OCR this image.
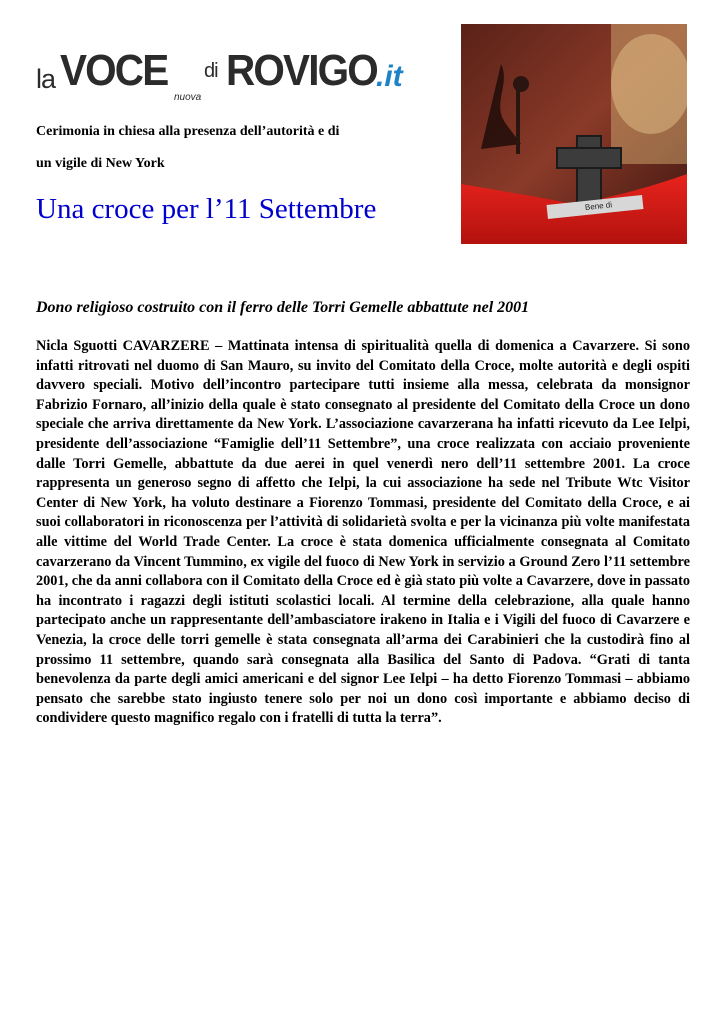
la VOCE di
nuova
ROVIGO .it
Bene di

Cerimonia in chiesa alla presenza dell’autorità e di

un vigile di New York

Una croce per l’11 Settembre

Dono religioso costruito con il ferro delle Torri Gemelle abbattute nel 2001

Nicla Sguotti CAVARZERE – Mattinata intensa di spiritualità quella di domenica a Cavarzere. Si sono infatti ritrovati nel duomo di San Mauro, su invito del Comitato della Croce, molte autorità e degli ospiti davvero speciali. Motivo dell’incontro partecipare tutti insieme alla messa, celebrata da monsignor Fabrizio Fornaro, all’inizio della quale è stato consegnato al presidente del Comitato della Croce un dono speciale che arriva direttamente da New York. L’associazione cavarzerana ha infatti ricevuto da Lee Ielpi, presidente dell’associazione “Famiglie dell’11 Settembre”, una croce realizzata con acciaio proveniente dalle Torri Gemelle, abbattute da due aerei in quel venerdì nero dell’11 settembre 2001. La croce rappresenta un generoso segno di affetto che Ielpi, la cui associazione ha sede nel Tribute Wtc Visitor Center di New York, ha voluto destinare a Fiorenzo Tommasi, presidente del Comitato della Croce, e ai suoi collaboratori in riconoscenza per l’attività di solidarietà svolta e per la vicinanza più volte manifestata alle vittime del World Trade Center. La croce è stata domenica ufficialmente consegnata al Comitato cavarzerano da Vincent Tummino, ex vigile del fuoco di New York in servizio a Ground Zero l’11 settembre 2001, che da anni collabora con il Comitato della Croce ed è già stato più volte a Cavarzere, dove in passato ha incontrato i ragazzi degli istituti scolastici locali. Al termine della celebrazione, alla quale hanno partecipato anche un rappresentante dell’ambasciatore irakeno in Italia e i Vigili del fuoco di Cavarzere e Venezia, la croce delle torri gemelle è stata consegnata all’arma dei Carabinieri che la custodirà fino al prossimo 11 settembre, quando sarà consegnata alla Basilica del Santo di Padova. “Grati di tanta benevolenza da parte degli amici americani e del signor Lee Ielpi – ha detto Fiorenzo Tommasi – abbiamo pensato che sarebbe stato ingiusto tenere solo per noi un dono così importante e abbiamo deciso di condividere questo magnifico regalo con i fratelli di tutta la terra”.
